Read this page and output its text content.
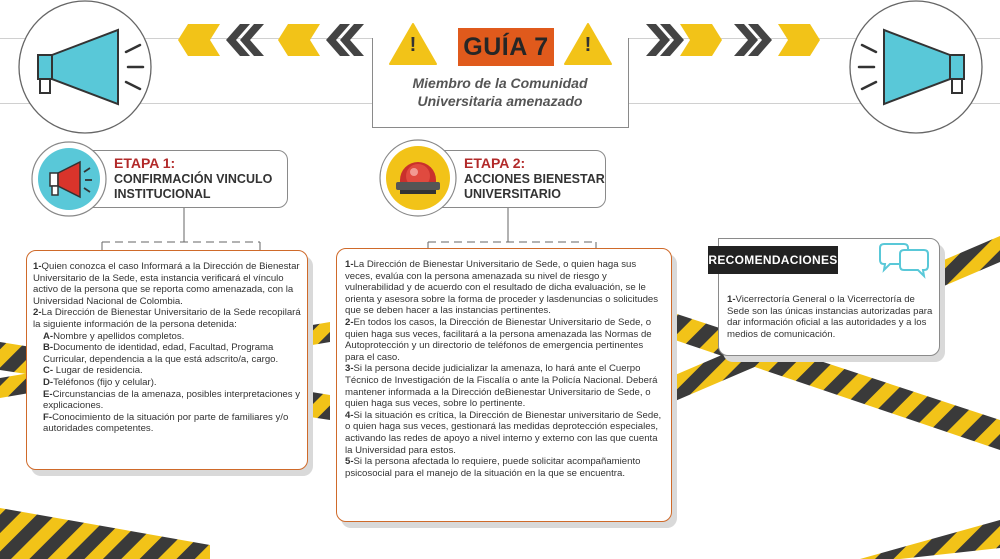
!	!
GUÍA 7
Miembro de la Comunidad
Universitaria amenazado
ETAPA 1:
CONFIRMACIÓN VINCULO
INSTITUCIONAL

1-Quien conozca el caso Informará a la Dirección de Bienestar Universitario de la Sede, esta instancia verificará el vínculo activo de la persona que se reporta como amenazada, con la Universidad Nacional de Colombia.

2-La Dirección de Bienestar Universitario de la Sede recopilará la siguiente información de la persona detenida:

A-Nombre y apellidos completos.

B-Documento de identidad, edad, Facultad, Programa Curricular, dependencia a la que está adscrito/a, cargo.

C- Lugar de residencia.

D-Teléfonos (fijo y celular).

E-Circunstancias de la amenaza, posibles interpretaciones y explicaciones.

F-Conocimiento de la situación por parte de familiares y/o autoridades competentes.

ETAPA 2:
ACCIONES BIENESTAR
UNIVERSITARIO

1-La Dirección de Bienestar Universitario de Sede, o quien haga sus veces, evalúa con la persona amenazada su nivel de riesgo y vulnerabilidad y de acuerdo con el resultado de dicha evaluación, se le orienta y asesora sobre la forma de proceder y lasdenuncias o solicitudes que se deben hacer a las instancias pertinentes.

2-En todos los casos, la Dirección de Bienestar Universitario de Sede, o quien haga sus veces, facilitará a la persona amenazada las Normas de Autoprotección y un directorio de teléfonos de emergencia pertinentes para el caso.

3-Si la persona decide judicializar la amenaza, lo hará ante el Cuerpo Técnico de Investigación de la Fiscalía o ante la Policía Nacional. Deberá mantener informada a la Dirección deBienestar Universitario de Sede, o quien haga sus veces, sobre lo pertinente.

4-Si la situación es crítica, la Dirección de Bienestar universitario de Sede, o quien haga sus veces, gestionará las medidas deprotección especiales, activando las redes de apoyo a nivel interno y externo con las que cuenta la Universidad para estos.

5-Si la persona afectada lo requiere, puede solicitar acompañamiento psicosocial para el manejo de la situación en la que se encuentra.

RECOMENDACIONES
1-Vicerrectoría General o la Vicerrectoría de Sede son las únicas instancias autorizadas para dar información oficial a las autoridades y a los medios de comunicación.
